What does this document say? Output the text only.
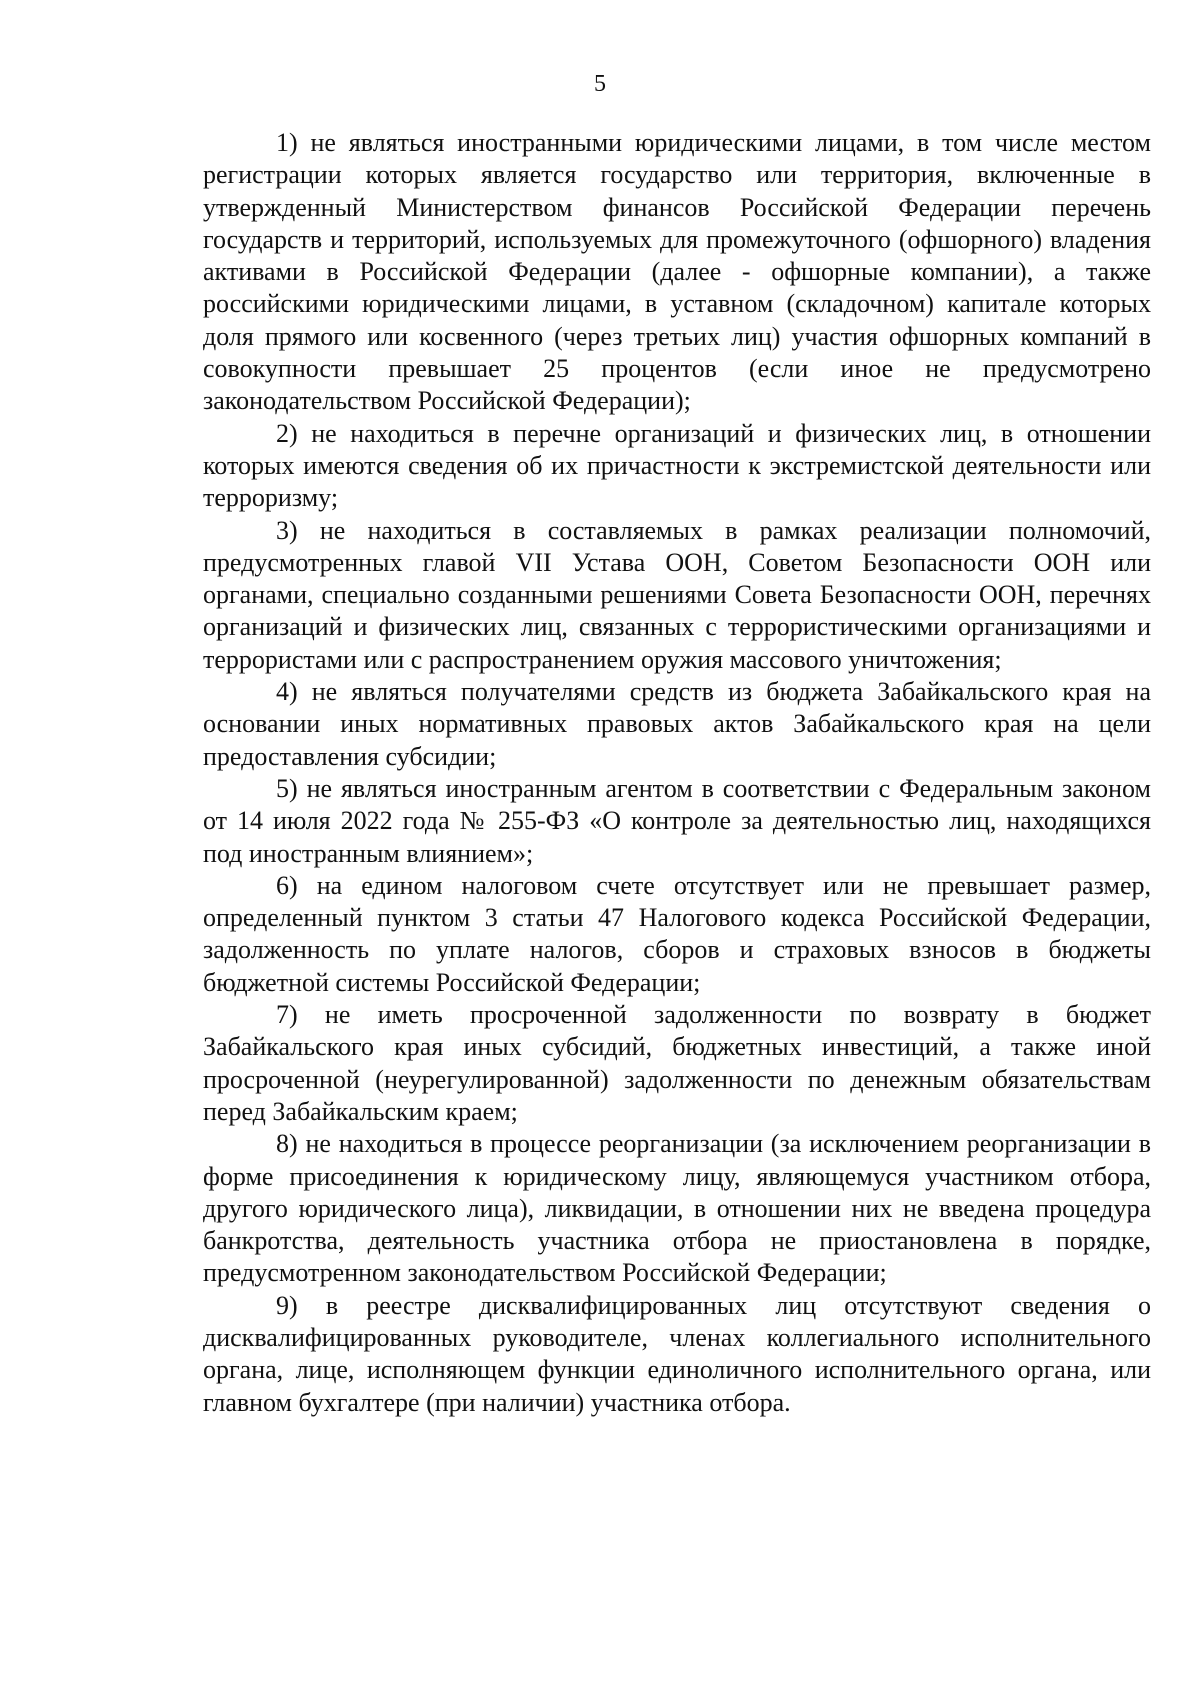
5

1) не являться иностранными юридическими лицами, в том числе местом регистрации которых является государство или территория, включенные в утвержденный Министерством финансов Российской Федерации перечень государств и территорий, используемых для промежуточного (офшорного) владения активами в Российской Федерации (далее - офшорные компании), а также российскими юридическими лицами, в уставном (складочном) капитале которых доля прямого или косвенного (через третьих лиц) участия офшорных компаний в совокупности превышает 25 процентов (если иное не предусмотрено законодательством Российской Федерации);

2) не находиться в перечне организаций и физических лиц, в отношении которых имеются сведения об их причастности к экстремистской деятельности или терроризму;

3) не находиться в составляемых в рамках реализации полномочий, предусмотренных главой VII Устава ООН, Советом Безопасности ООН или органами, специально созданными решениями Совета Безопасности ООН, перечнях организаций и физических лиц, связанных с террористическими организациями и террористами или с распространением оружия массового уничтожения;

4) не являться получателями средств из бюджета Забайкальского края на основании иных нормативных правовых актов Забайкальского края на цели предоставления субсидии;

5) не являться иностранным агентом в соответствии с Федеральным законом от 14 июля 2022 года № 255-ФЗ «О контроле за деятельностью лиц, находящихся под иностранным влиянием»;

6) на едином налоговом счете отсутствует или не превышает размер, определенный пунктом 3 статьи 47 Налогового кодекса Российской Федерации, задолженность по уплате налогов, сборов и страховых взносов в бюджеты бюджетной системы Российской Федерации;

7) не иметь просроченной задолженности по возврату в бюджет Забайкальского края иных субсидий, бюджетных инвестиций, а также иной просроченной (неурегулированной) задолженности по денежным обязательствам перед Забайкальским краем;

8) не находиться в процессе реорганизации (за исключением реорганизации в форме присоединения к юридическому лицу, являющемуся участником отбора, другого юридического лица), ликвидации, в отношении них не введена процедура банкротства, деятельность участника отбора не приостановлена в порядке, предусмотренном законодательством Российской Федерации;

9) в реестре дисквалифицированных лиц отсутствуют сведения о дисквалифицированных руководителе, членах коллегиального исполнительного органа, лице, исполняющем функции единоличного исполнительного органа, или главном бухгалтере (при наличии) участника отбора.
